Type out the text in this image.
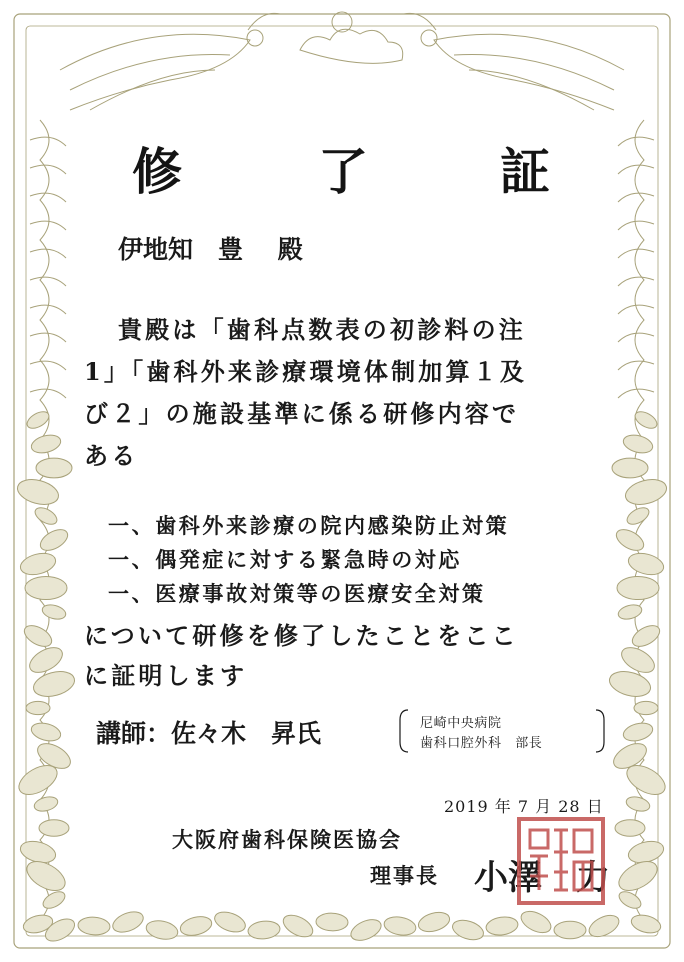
修	了	証
伊地知　豊 殿
貴殿は「歯科点数表の初診料の注
1」「歯科外来診療環境体制加算１及
び２」の施設基準に係る研修内容で
ある
一、歯科外来診療の院内感染防止対策
一、偶発症に対する緊急時の対応
一、医療事故対策等の医療安全対策
について研修を修了したことをここ
に証明します
講師：佐々木　昇氏	尼崎中央病院
歯科口腔外科　部長
2019 年 7 月 28 日
大阪府歯科保険医協会
理事長 小澤　力
